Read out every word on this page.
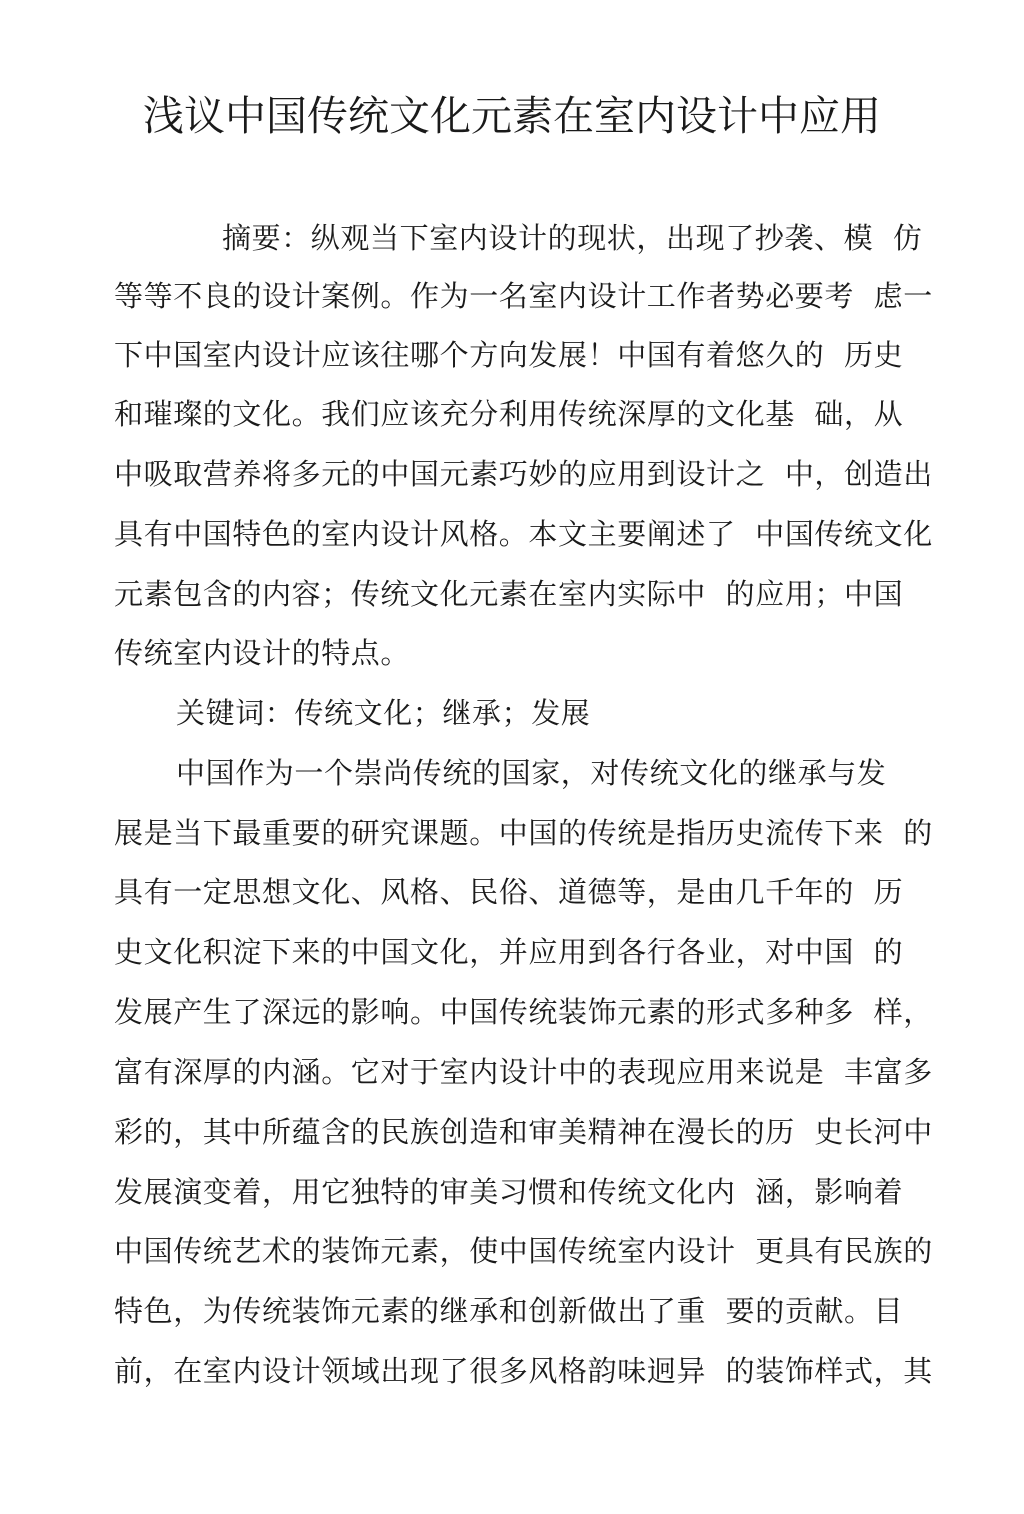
浅议中国传统文化元素在室内设计中应用
摘要：纵观当下室内设计的现状，出现了抄袭、模  仿
等等不良的设计案例。作为一名室内设计工作者势必要考  虑一
下中国室内设计应该往哪个方向发展！中国有着悠久的  历史
和璀璨的文化。我们应该充分利用传统深厚的文化基  础，从
中吸取营养将多元的中国元素巧妙的应用到设计之  中，创造出
具有中国特色的室内设计风格。本文主要阐述了  中国传统文化
元素包含的内容；传统文化元素在室内实际中  的应用；中国
传统室内设计的特点。
关键词：传统文化；继承；发展
中国作为一个崇尚传统的国家，对传统文化的继承与发
展是当下最重要的研究课题。中国的传统是指历史流传下来  的
具有一定思想文化、风格、民俗、道德等，是由几千年的  历
史文化积淀下来的中国文化，并应用到各行各业，对中国  的
发展产生了深远的影响。中国传统装饰元素的形式多种多  样，
富有深厚的内涵。它对于室内设计中的表现应用来说是  丰富多
彩的，其中所蕴含的民族创造和审美精神在漫长的历  史长河中
发展演变着，用它独特的审美习惯和传统文化内  涵，影响着
中国传统艺术的装饰元素，使中国传统室内设计  更具有民族的
特色，为传统装饰元素的继承和创新做出了重  要的贡献。目
前，在室内设计领域出现了很多风格韵味迥异  的装饰样式，其
